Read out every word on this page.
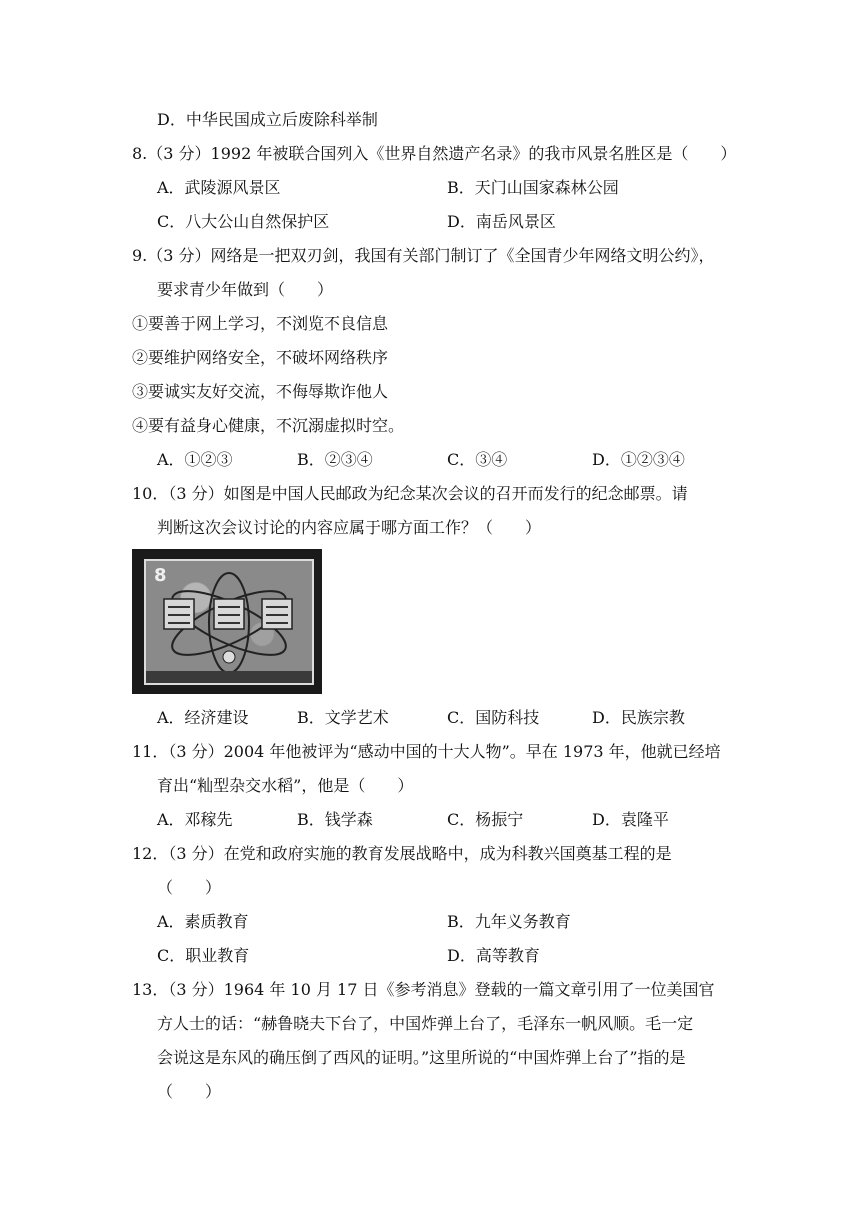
D．中华民国成立后废除科举制
8.（3 分）1992 年被联合国列入《世界自然遗产名录》的我市风景名胜区是（　　）
A．武陵源风景区	B．天门山国家森林公园
C．八大公山自然保护区	D．南岳风景区
9.（3 分）网络是一把双刃剑，我国有关部门制订了《全国青少年网络文明公约》，
要求青少年做到（　　）
①要善于网上学习，不浏览不良信息
②要维护网络安全，不破坏网络秩序
③要诚实友好交流，不侮辱欺诈他人
④要有益身心健康，不沉溺虚拟时空。
A．①②③	B．②③④	C．③④	D．①②③④
10．（3 分）如图是中国人民邮政为纪念某次会议的召开而发行的纪念邮票。请
判断这次会议讨论的内容应属于哪方面工作？（　　）
8
A．经济建设	B．文学艺术	C．国防科技	D．民族宗教
11．（3 分）2004 年他被评为“感动中国的十大人物”。早在 1973 年，他就已经培
育出“籼型杂交水稻”，他是（　　）
A．邓稼先	B．钱学森	C．杨振宁	D．袁隆平
12．（3 分）在党和政府实施的教育发展战略中，成为科教兴国奠基工程的是
（　　）
A．素质教育	B．九年义务教育
C．职业教育	D．高等教育
13．（3 分）1964 年 10 月 17 日《参考消息》登载的一篇文章引用了一位美国官
方人士的话：“赫鲁晓夫下台了，中国炸弹上台了，毛泽东一帆风顺。毛一定
会说这是东风的确压倒了西风的证明。”这里所说的“中国炸弹上台了”指的是
（　　）
